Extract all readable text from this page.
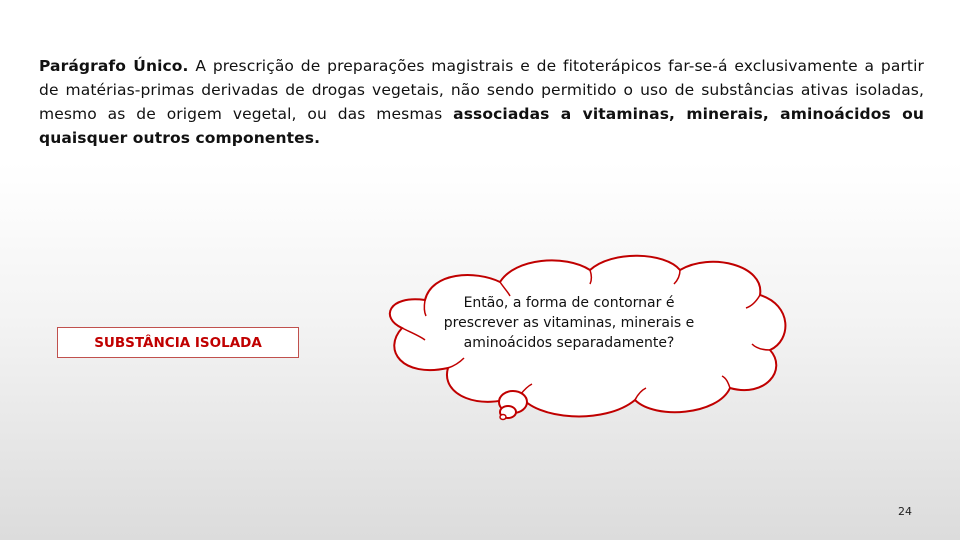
Parágrafo Único. A prescrição de preparações magistrais e de fitoterápicos far-se-á exclusivamente a partir de matérias-primas derivadas de drogas vegetais, não sendo permitido o uso de substâncias ativas isoladas, mesmo as de origem vegetal, ou das mesmas associadas a vitaminas, minerais, aminoácidos ou quaisquer outros componentes.
SUBSTÂNCIA ISOLADA
Então, a forma de contornar é prescrever as vitaminas, minerais e aminoácidos separadamente?
24
